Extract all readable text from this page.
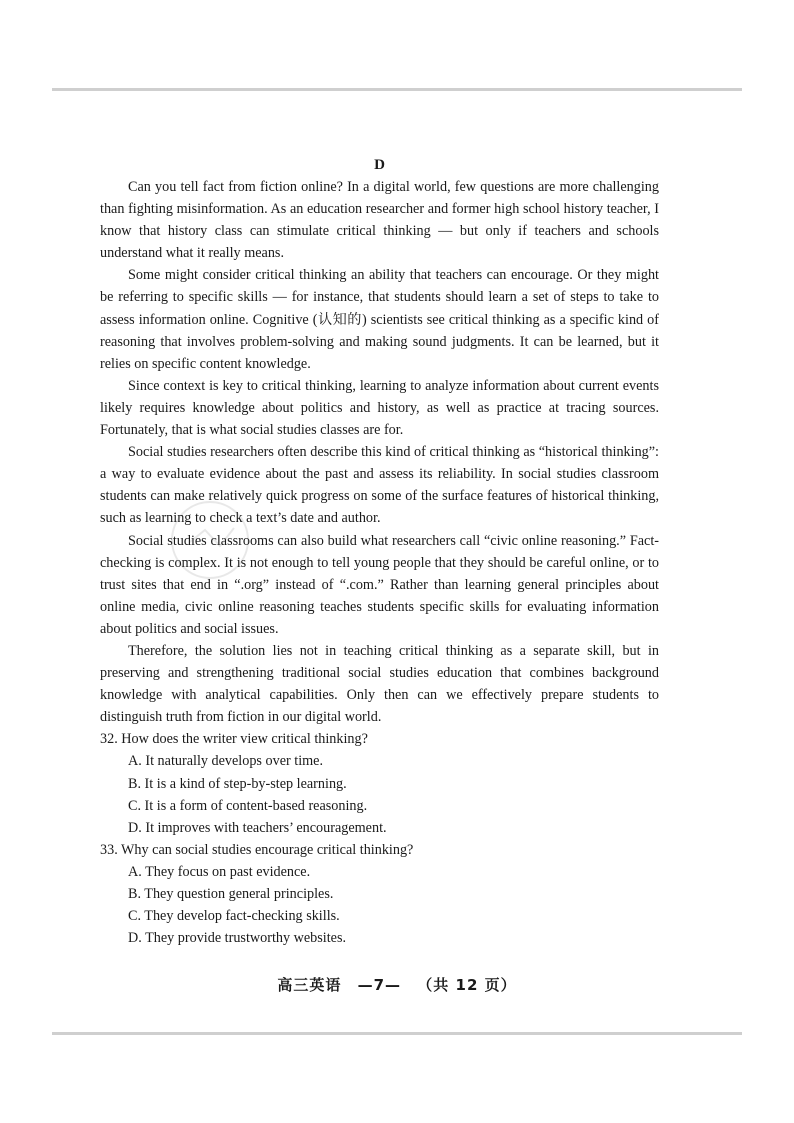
D

Can you tell fact from fiction online? In a digital world, few questions are more challenging than fighting misinformation. As an education researcher and former high school history teacher, I know that history class can stimulate critical thinking — but only if teachers and schools understand what it really means.

Some might consider critical thinking an ability that teachers can encourage. Or they might be referring to specific skills — for instance, that students should learn a set of steps to take to assess information online. Cognitive (认知的) scientists see critical thinking as a specific kind of reasoning that involves problem-solving and making sound judgments. It can be learned, but it relies on specific content knowledge.

Since context is key to critical thinking, learning to analyze information about current events likely requires knowledge about politics and history, as well as practice at tracing sources. Fortunately, that is what social studies classes are for.

Social studies researchers often describe this kind of critical thinking as “historical thinking”: a way to evaluate evidence about the past and assess its reliability. In social studies classroom students can make relatively quick progress on some of the surface features of historical thinking, such as learning to check a text’s date and author.

Social studies classrooms can also build what researchers call “civic online reasoning.” Fact-checking is complex. It is not enough to tell young people that they should be careful online, or to trust sites that end in “.org” instead of “.com.” Rather than learning general principles about online media, civic online reasoning teaches students specific skills for evaluating information about politics and social issues.

Therefore, the solution lies not in teaching critical thinking as a separate skill, but in preserving and strengthening traditional social studies education that combines background knowledge with analytical capabilities. Only then can we effectively prepare students to distinguish truth from fiction in our digital world.

32. How does the writer view critical thinking?

A. It naturally develops over time.
B. It is a kind of step-by-step learning.
C. It is a form of content-based reasoning.
D. It improves with teachers’ encouragement.

33. Why can social studies encourage critical thinking?

A. They focus on past evidence.
B. They question general principles.
C. They develop fact-checking skills.
D. They provide trustworthy websites.
高三英语 —7— （共 12 页）
